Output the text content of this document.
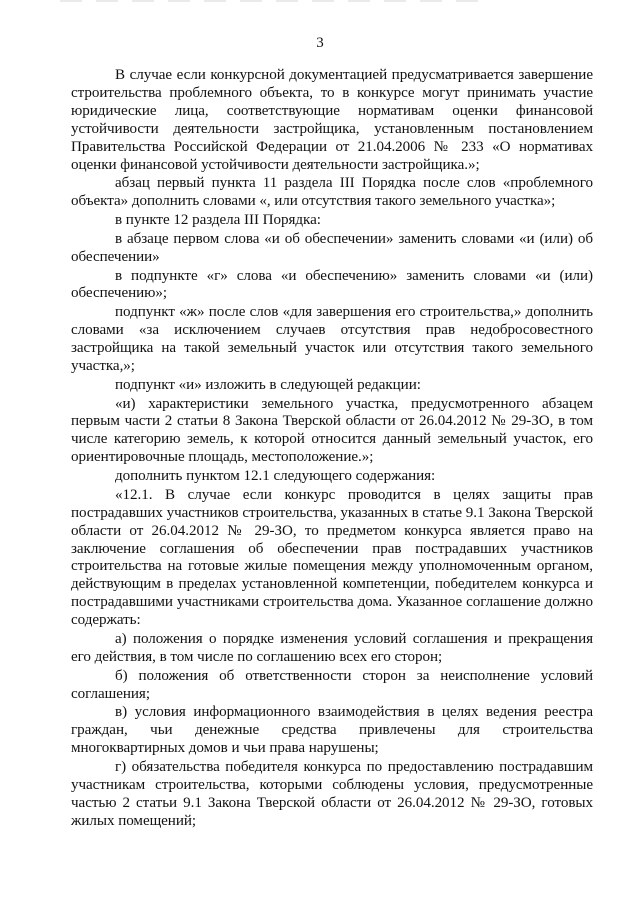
3

В случае если конкурсной документацией предусматривается завершение строительства проблемного объекта, то в конкурсе могут принимать участие юридические лица, соответствующие нормативам оценки финансовой устойчивости деятельности застройщика, установленным постановлением Правительства Российской Федерации от 21.04.2006 № 233 «О нормативах оценки финансовой устойчивости деятельности застройщика.»;

абзац первый пункта 11 раздела III Порядка после слов «проблемного объекта» дополнить словами «, или отсутствия такого земельного участка»;

в пункте 12 раздела III Порядка:

в абзаце первом слова «и об обеспечении» заменить словами «и (или) об обеспечении»

в подпункте «г» слова «и обеспечению» заменить словами «и (или) обеспечению»;

подпункт «ж» после слов «для завершения его строительства,» дополнить словами «за исключением случаев отсутствия прав недобросовестного застройщика на такой земельный участок или отсутствия такого земельного участка,»;

подпункт «и» изложить в следующей редакции:

«и) характеристики земельного участка, предусмотренного абзацем первым части 2 статьи 8 Закона Тверской области от 26.04.2012 № 29-ЗО, в том числе категорию земель, к которой относится данный земельный участок, его ориентировочные площадь, местоположение.»;

дополнить пунктом 12.1 следующего содержания:

«12.1. В случае если конкурс проводится в целях защиты прав пострадавших участников строительства, указанных в статье 9.1 Закона Тверской области от 26.04.2012 № 29-ЗО, то предметом конкурса является право на заключение соглашения об обеспечении прав пострадавших участников строительства на готовые жилые помещения между уполномоченным органом, действующим в пределах установленной компетенции, победителем конкурса и пострадавшими участниками строительства дома. Указанное соглашение должно содержать:

а) положения о порядке изменения условий соглашения и прекращения его действия, в том числе по соглашению всех его сторон;

б) положения об ответственности сторон за неисполнение условий соглашения;

в) условия информационного взаимодействия в целях ведения реестра граждан, чьи денежные средства привлечены для строительства многоквартирных домов и чьи права нарушены;

г) обязательства победителя конкурса по предоставлению пострадавшим участникам строительства, которыми соблюдены условия, предусмотренные частью 2 статьи 9.1 Закона Тверской области от 26.04.2012 № 29-ЗО, готовых жилых помещений;
